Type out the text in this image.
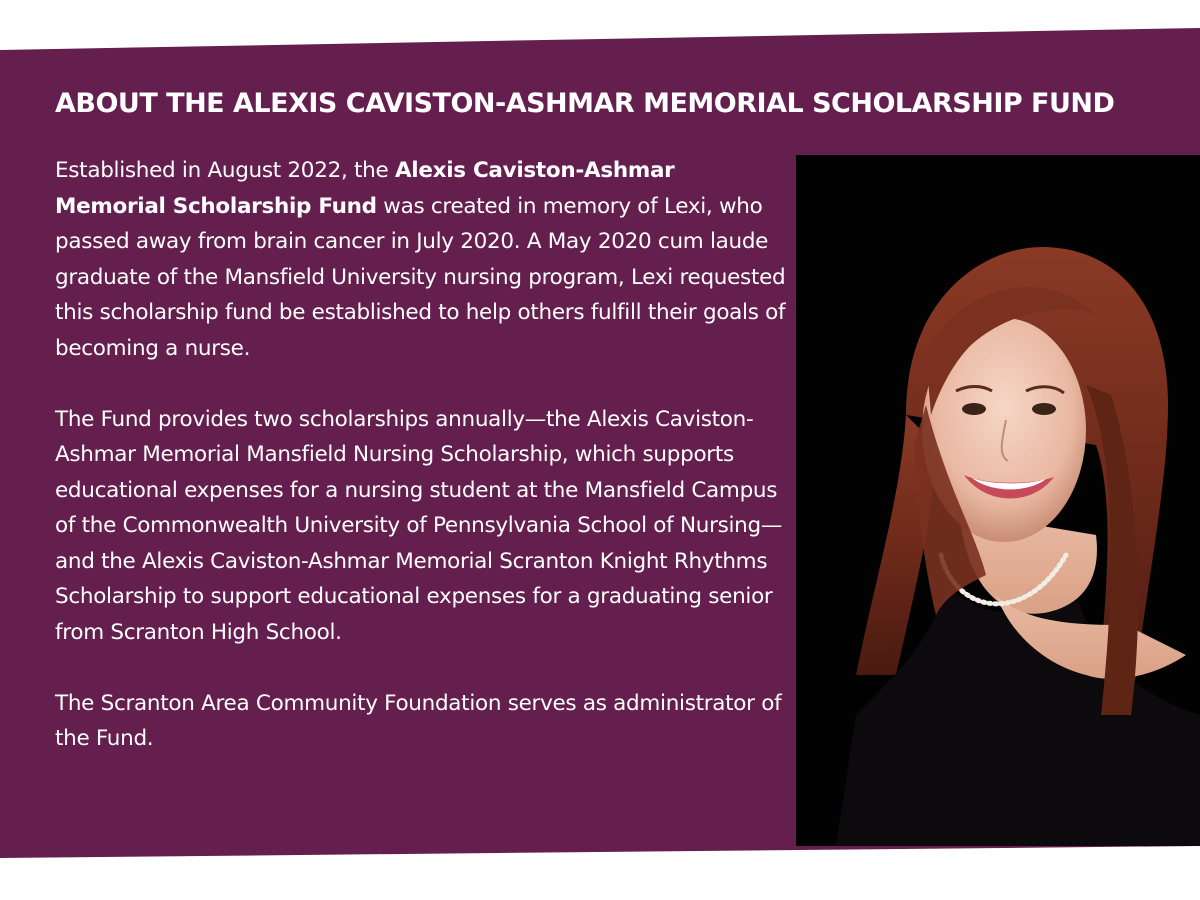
ABOUT THE ALEXIS CAVISTON-ASHMAR MEMORIAL SCHOLARSHIP FUND

Established in August 2022, the Alexis Caviston-Ashmar Memorial Scholarship Fund was created in memory of Lexi, who passed away from brain cancer in July 2020. A May 2020 cum laude graduate of the Mansfield University nursing program, Lexi requested this scholarship fund be established to help others fulfill their goals of becoming a nurse.

The Fund provides two scholarships annually—the Alexis Caviston-Ashmar Memorial Mansfield Nursing Scholarship, which supports educational expenses for a nursing student at the Mansfield Campus of the Commonwealth University of Pennsylvania School of Nursing—and the Alexis Caviston-Ashmar Memorial Scranton Knight Rhythms Scholarship to support educational expenses for a graduating senior from Scranton High School.

The Scranton Area Community Foundation serves as administrator of the Fund.
